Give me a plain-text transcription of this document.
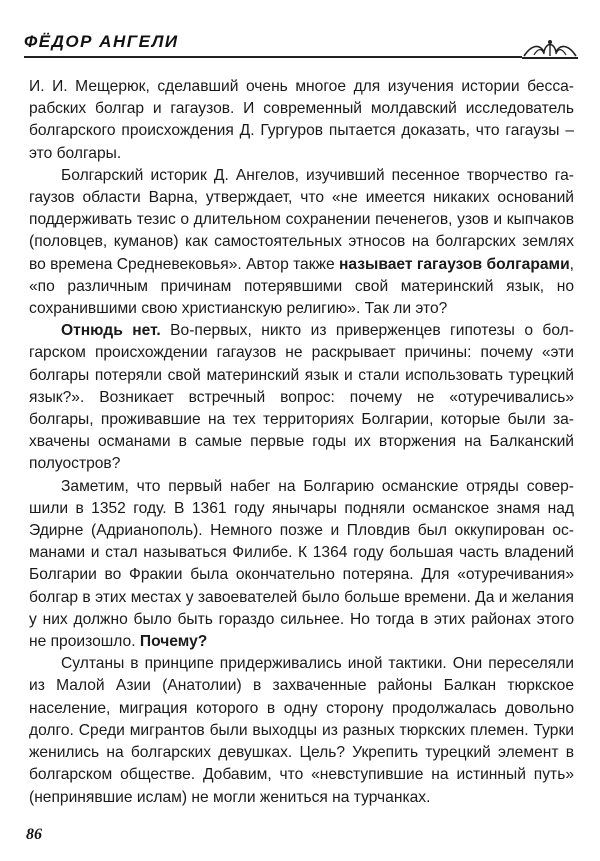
ФЁДОР АНГЕЛИ

И. И. Мещерюк, сделавший очень многое для изучения истории бессарабских болгар и гагаузов. И современный молдавский исследователь болгарского происхождения Д. Гургуров пытается доказать, что гагаузы – это болгары.

Болгарский историк Д. Ангелов, изучивший песенное творчество гагаузов области Варна, утверждает, что «не имеется никаких оснований поддерживать тезис о длительном сохранении печенегов, узов и кыпчаков (половцев, куманов) как самостоятельных этносов на болгарских землях во времена Средневековья». Автор также называет гагаузов болгарами, «по различным причинам потерявшими свой материнский язык, но сохранившими свою христианскую религию». Так ли это?

Отнюдь нет. Во-первых, никто из приверженцев гипотезы о болгарском происхождении гагаузов не раскрывает причины: почему «эти болгары потеряли свой материнский язык и стали использовать турецкий язык?». Возникает встречный вопрос: почему не «отуречивались» болгары, проживавшие на тех территориях Болгарии, которые были захвачены османами в самые первые годы их вторжения на Балканский полуостров?

Заметим, что первый набег на Болгарию османские отряды совершили в 1352 году. В 1361 году янычары подняли османское знамя над Эдирне (Адрианополь). Немного позже и Пловдив был оккупирован османами и стал называться Филибе. К 1364 году большая часть владений Болгарии во Фракии была окончательно потеряна. Для «отуречивания» болгар в этих местах у завоевателей было больше времени. Да и желания у них должно было быть гораздо сильнее. Но тогда в этих районах этого не произошло. Почему?

Султаны в принципе придерживались иной тактики. Они переселяли из Малой Азии (Анатолии) в захваченные районы Балкан тюркское население, миграция которого в одну сторону продолжалась довольно долго. Среди мигрантов были выходцы из разных тюркских племен. Турки женились на болгарских девушках. Цель? Укрепить турецкий элемент в болгарском обществе. Добавим, что «невступившие на истинный путь» (непринявшие ислам) не могли жениться на турчанках.

86
